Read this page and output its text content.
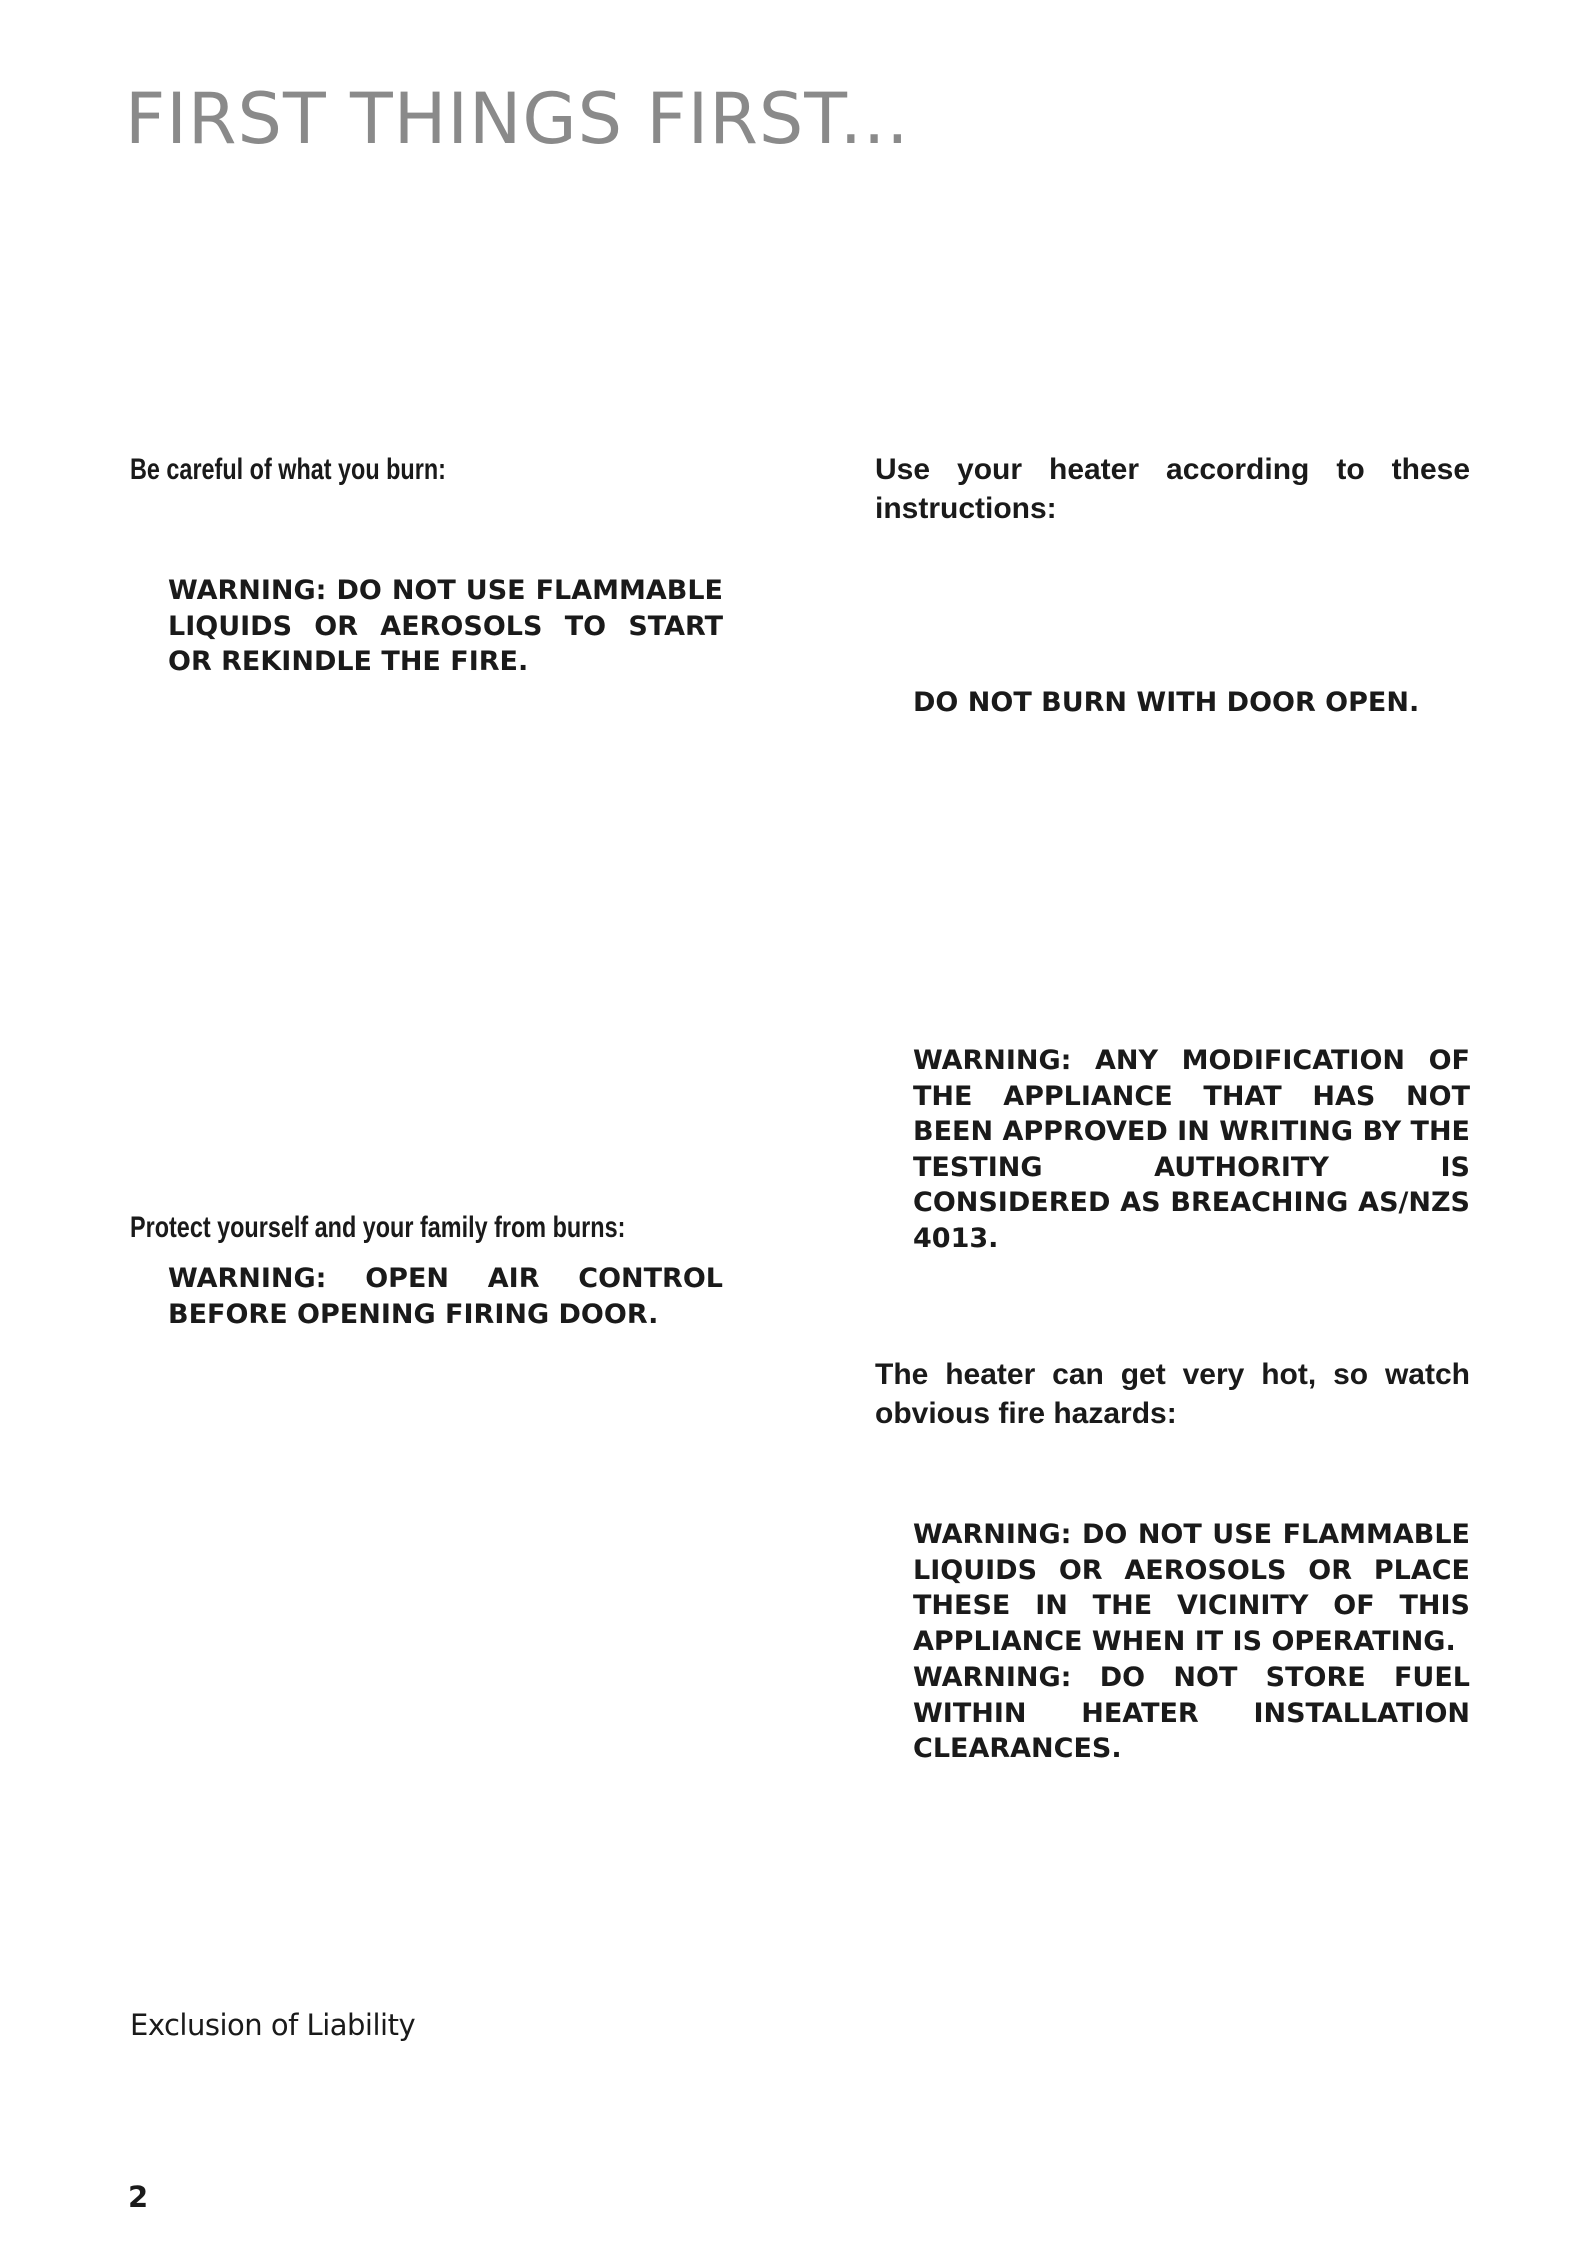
FIRST THINGS FIRST...

Be careful of what you burn:

WARNING: DO NOT USE FLAMMABLE LIQUIDS OR AEROSOLS TO START OR REKINDLE THE FIRE.

Protect yourself and your family from burns:

WARNING: OPEN AIR CONTROL BEFORE OPENING FIRING DOOR.

Use your heater according to these instructions:

DO NOT BURN WITH DOOR OPEN.

WARNING: ANY MODIFICATION OF THE APPLIANCE THAT HAS NOT BEEN APPROVED IN WRITING BY THE TESTING AUTHORITY IS CONSIDERED AS BREACHING AS/NZS 4013.

The heater can get very hot, so watch obvious fire hazards:

WARNING: DO NOT USE FLAMMABLE LIQUIDS OR AEROSOLS OR PLACE THESE IN THE VICINITY OF THIS APPLIANCE WHEN IT IS OPERATING.

WARNING: DO NOT STORE FUEL WITHIN HEATER INSTALLATION CLEARANCES.

Exclusion of Liability

2
